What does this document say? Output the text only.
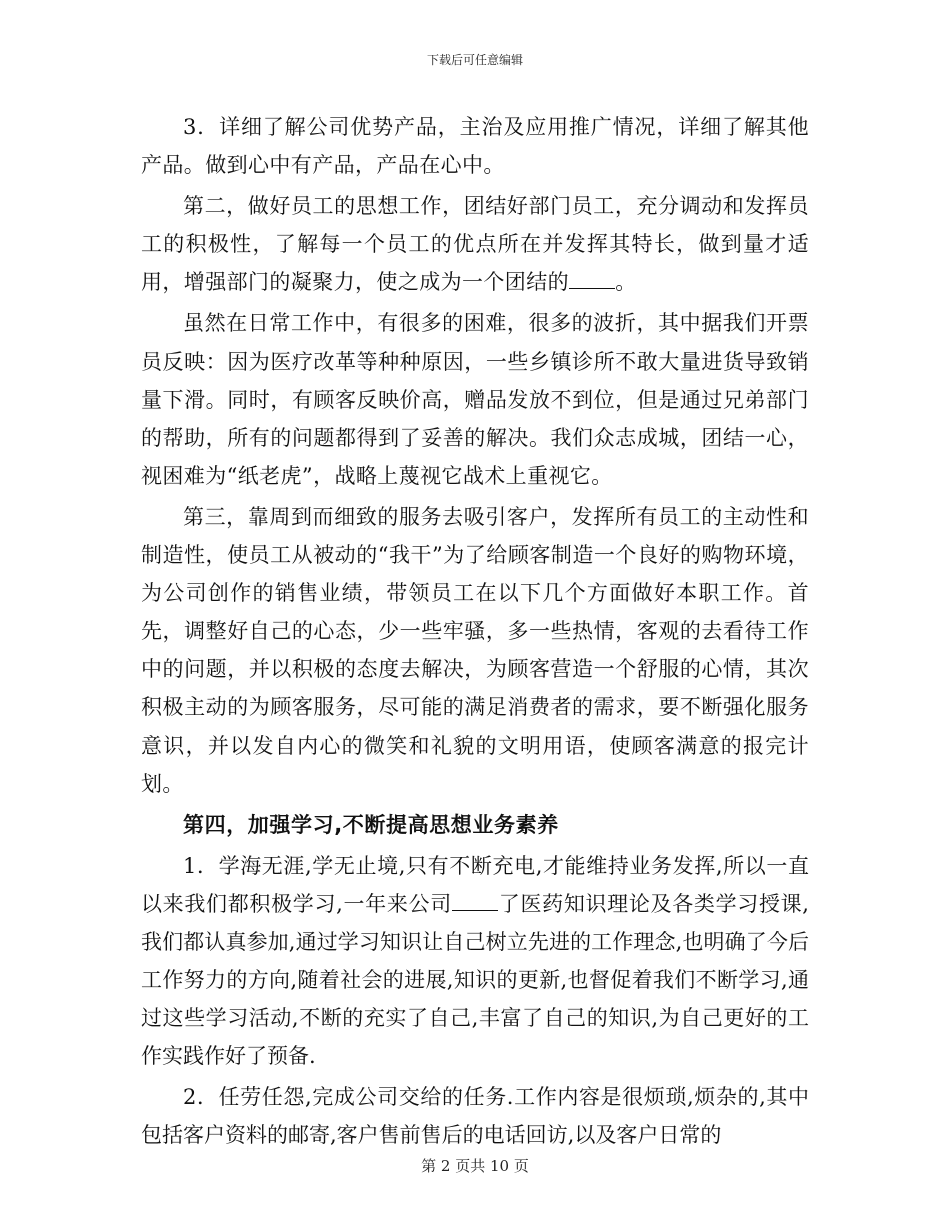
下载后可任意编辑

3．详细了解公司优势产品，主治及应用推广情况，详细了解其他产品。做到心中有产品，产品在心中。

第二，做好员工的思想工作，团结好部门员工，充分调动和发挥员工的积极性，了解每一个员工的优点所在并发挥其特长，做到量才适用，增强部门的凝聚力，使之成为一个团结的 。

虽然在日常工作中，有很多的困难，很多的波折，其中据我们开票员反映：因为医疗改革等种种原因，一些乡镇诊所不敢大量进货导致销量下滑。同时，有顾客反映价高，赠品发放不到位，但是通过兄弟部门的帮助，所有的问题都得到了妥善的解决。我们众志成城，团结一心，视困难为“纸老虎”，战略上蔑视它战术上重视它。

第三，靠周到而细致的服务去吸引客户，发挥所有员工的主动性和制造性，使员工从被动的“我干”为了给顾客制造一个良好的购物环境，为公司创作的销售业绩，带领员工在以下几个方面做好本职工作。首先，调整好自己的心态，少一些牢骚，多一些热情，客观的去看待工作中的问题，并以积极的态度去解决，为顾客营造一个舒服的心情，其次积极主动的为顾客服务，尽可能的满足消费者的需求，要不断强化服务意识，并以发自内心的微笑和礼貌的文明用语，使顾客满意的报完计划。

第四，加强学习,不断提高思想业务素养

1．学海无涯,学无止境,只有不断充电,才能维持业务发挥,所以一直以来我们都积极学习,一年来公司 了医药知识理论及各类学习授课,我们都认真参加,通过学习知识让自己树立先进的工作理念,也明确了今后工作努力的方向,随着社会的进展,知识的更新,也督促着我们不断学习,通过这些学习活动,不断的充实了自己,丰富了自己的知识,为自己更好的工作实践作好了预备.

2．任劳任怨,完成公司交给的任务.工作内容是很烦琐,烦杂的,其中包括客户资料的邮寄,客户售前售后的电话回访,以及客户日常的

第 2 页共 10 页
